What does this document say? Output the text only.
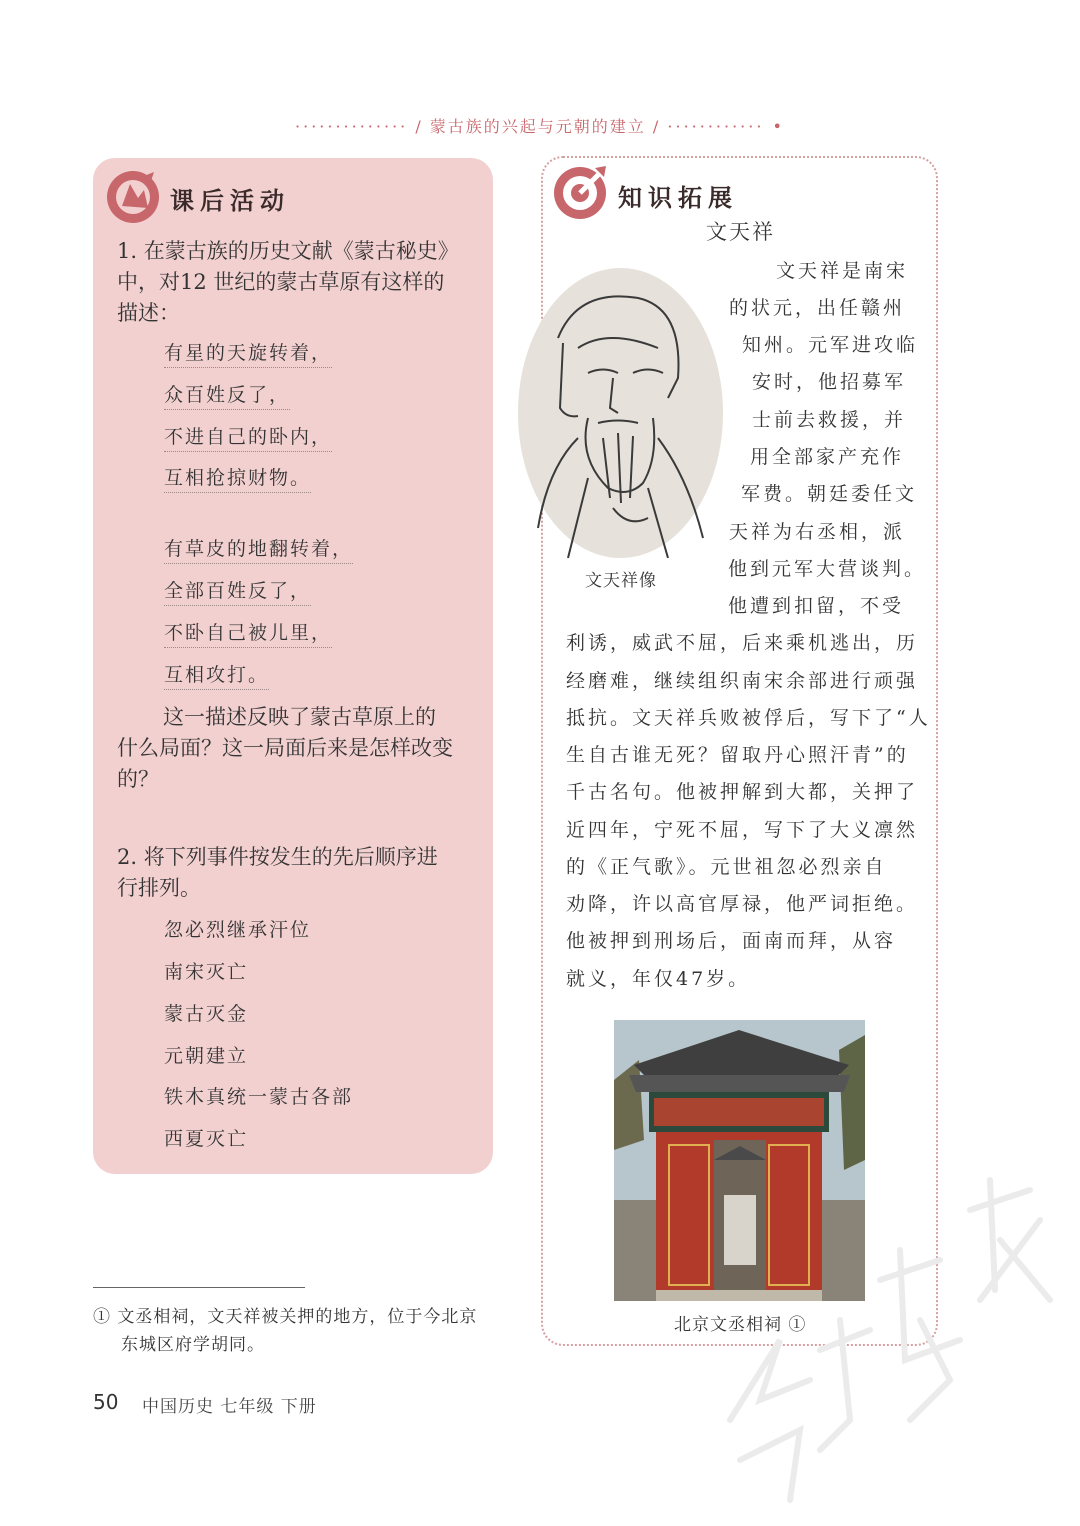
·············· / 蒙古族的兴起与元朝的建立 / ············ •
课后活动
1. 在蒙古族的历史文献《蒙古秘史》
中，对12 世纪的蒙古草原有这样的
描述：
有星的天旋转着，
众百姓反了，
不进自己的卧内，
互相抢掠财物。
有草皮的地翻转着，
全部百姓反了，
不卧自己被儿里，
互相攻打。
这一描述反映了蒙古草原上的
什么局面？这一局面后来是怎样改变
的？
2. 将下列事件按发生的先后顺序进
行排列。
忽必烈继承汗位
南宋灭亡
蒙古灭金
元朝建立
铁木真统一蒙古各部
西夏灭亡
知识拓展
文天祥
文天祥像
文天祥是南宋
的状元，出任赣州
知州。元军进攻临
安时，他招募军
士前去救援，并
用全部家产充作
军费。朝廷委任文
天祥为右丞相，派
他到元军大营谈判。
他遭到扣留，不受
利诱，威武不屈，后来乘机逃出，历
经磨难，继续组织南宋余部进行顽强
抵抗。文天祥兵败被俘后，写下了“人
生自古谁无死？留取丹心照汗青”的
千古名句。他被押解到大都，关押了
近四年，宁死不屈，写下了大义凛然
的《正气歌》。元世祖忽必烈亲自
劝降，许以高官厚禄，他严词拒绝。
他被押到刑场后，面南而拜，从容
就义，年仅47岁。
北京文丞相祠 ①
① 文丞相祠，文天祥被关押的地方，位于今北京
东城区府学胡同。
50 中国历史 七年级 下册
